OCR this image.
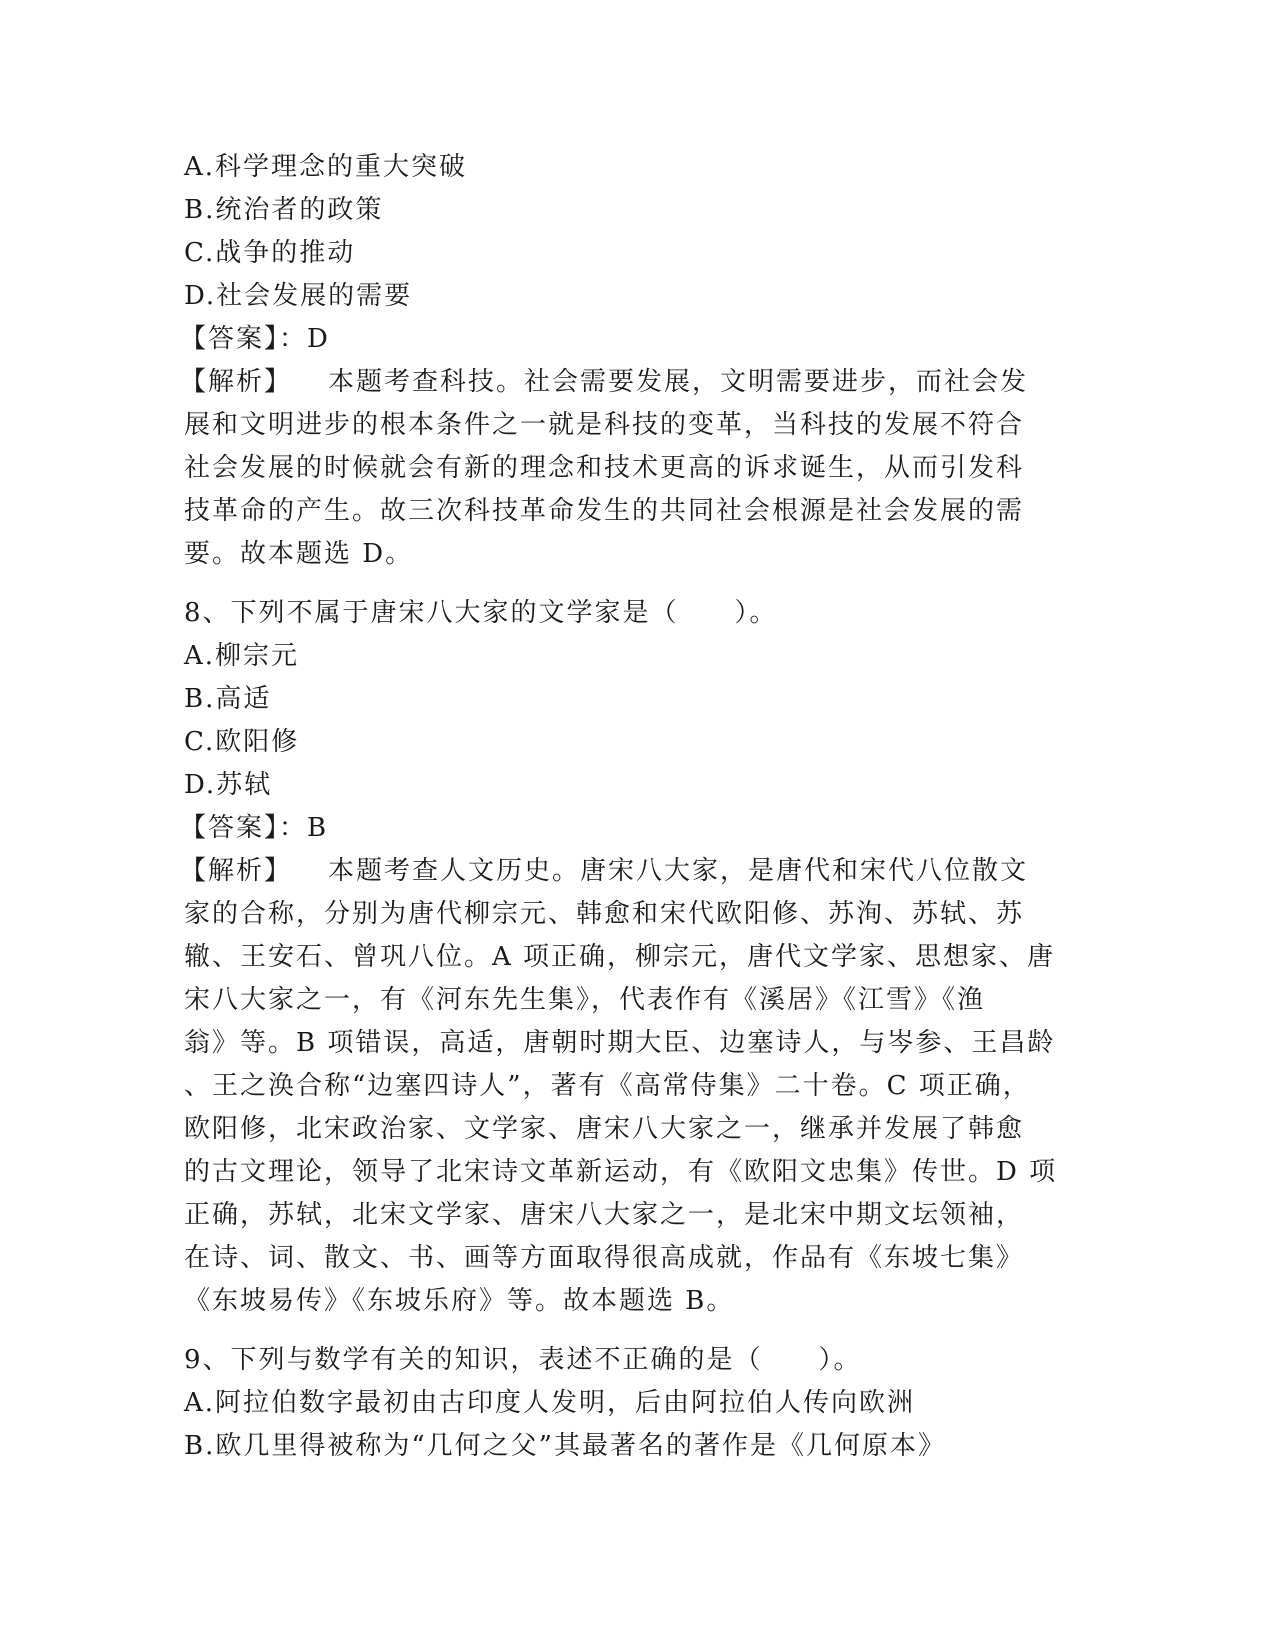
A.科学理念的重大突破
B.统治者的政策
C.战争的推动
D.社会发展的需要
【答案】：D
【解析】 本题考查科技。社会需要发展，文明需要进步，而社会发
展和文明进步的根本条件之一就是科技的变革，当科技的发展不符合
社会发展的时候就会有新的理念和技术更高的诉求诞生，从而引发科
技革命的产生。故三次科技革命发生的共同社会根源是社会发展的需
要。故本题选 D。
8、下列不属于唐宋八大家的文学家是（　　）。
A.柳宗元
B.高适
C.欧阳修
D.苏轼
【答案】：B
【解析】 本题考查人文历史。唐宋八大家，是唐代和宋代八位散文
家的合称，分别为唐代柳宗元、韩愈和宋代欧阳修、苏洵、苏轼、苏
辙、王安石、曾巩八位。A 项正确，柳宗元，唐代文学家、思想家、唐
宋八大家之一，有《河东先生集》，代表作有《溪居》《江雪》《渔
翁》等。B 项错误，高适，唐朝时期大臣、边塞诗人，与岑参、王昌龄
、王之涣合称“边塞四诗人”，著有《高常侍集》二十卷。C 项正确，
欧阳修，北宋政治家、文学家、唐宋八大家之一，继承并发展了韩愈
的古文理论，领导了北宋诗文革新运动，有《欧阳文忠集》传世。D 项
正确，苏轼，北宋文学家、唐宋八大家之一，是北宋中期文坛领袖，
在诗、词、散文、书、画等方面取得很高成就，作品有《东坡七集》
《东坡易传》《东坡乐府》等。故本题选 B。
9、下列与数学有关的知识，表述不正确的是（　　）。
A.阿拉伯数字最初由古印度人发明，后由阿拉伯人传向欧洲
B.欧几里得被称为“几何之父”其最著名的著作是《几何原本》
